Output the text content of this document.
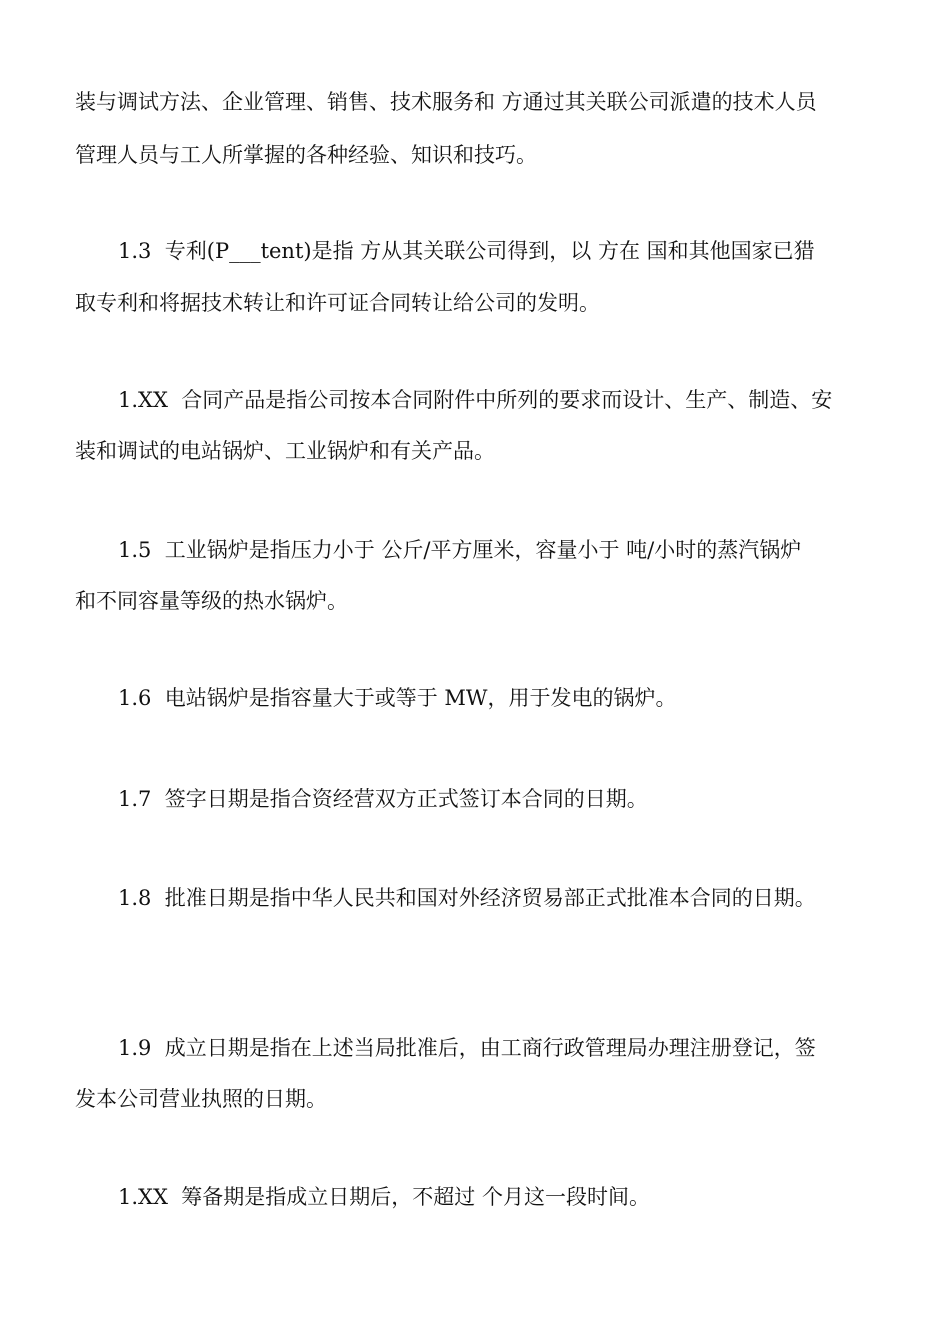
装与调试方法、企业管理、销售、技术服务和 方通过其关联公司派遣的技术人员
管理人员与工人所掌握的各种经验、知识和技巧。
1.3  专利(P___tent)是指 方从其关联公司得到，以 方在 国和其他国家已猎
取专利和将据技术转让和许可证合同转让给公司的发明。
1.XX  合同产品是指公司按本合同附件中所列的要求而设计、生产、制造、安
装和调试的电站锅炉、工业锅炉和有关产品。
1.5  工业锅炉是指压力小于 公斤/平方厘米，容量小于 吨/小时的蒸汽锅炉
和不同容量等级的热水锅炉。
1.6  电站锅炉是指容量大于或等于 MW，用于发电的锅炉。
1.7  签字日期是指合资经营双方正式签订本合同的日期。
1.8  批准日期是指中华人民共和国对外经济贸易部正式批准本合同的日期。
1.9  成立日期是指在上述当局批准后，由工商行政管理局办理注册登记，签
发本公司营业执照的日期。
1.XX  筹备期是指成立日期后，不超过 个月这一段时间。
